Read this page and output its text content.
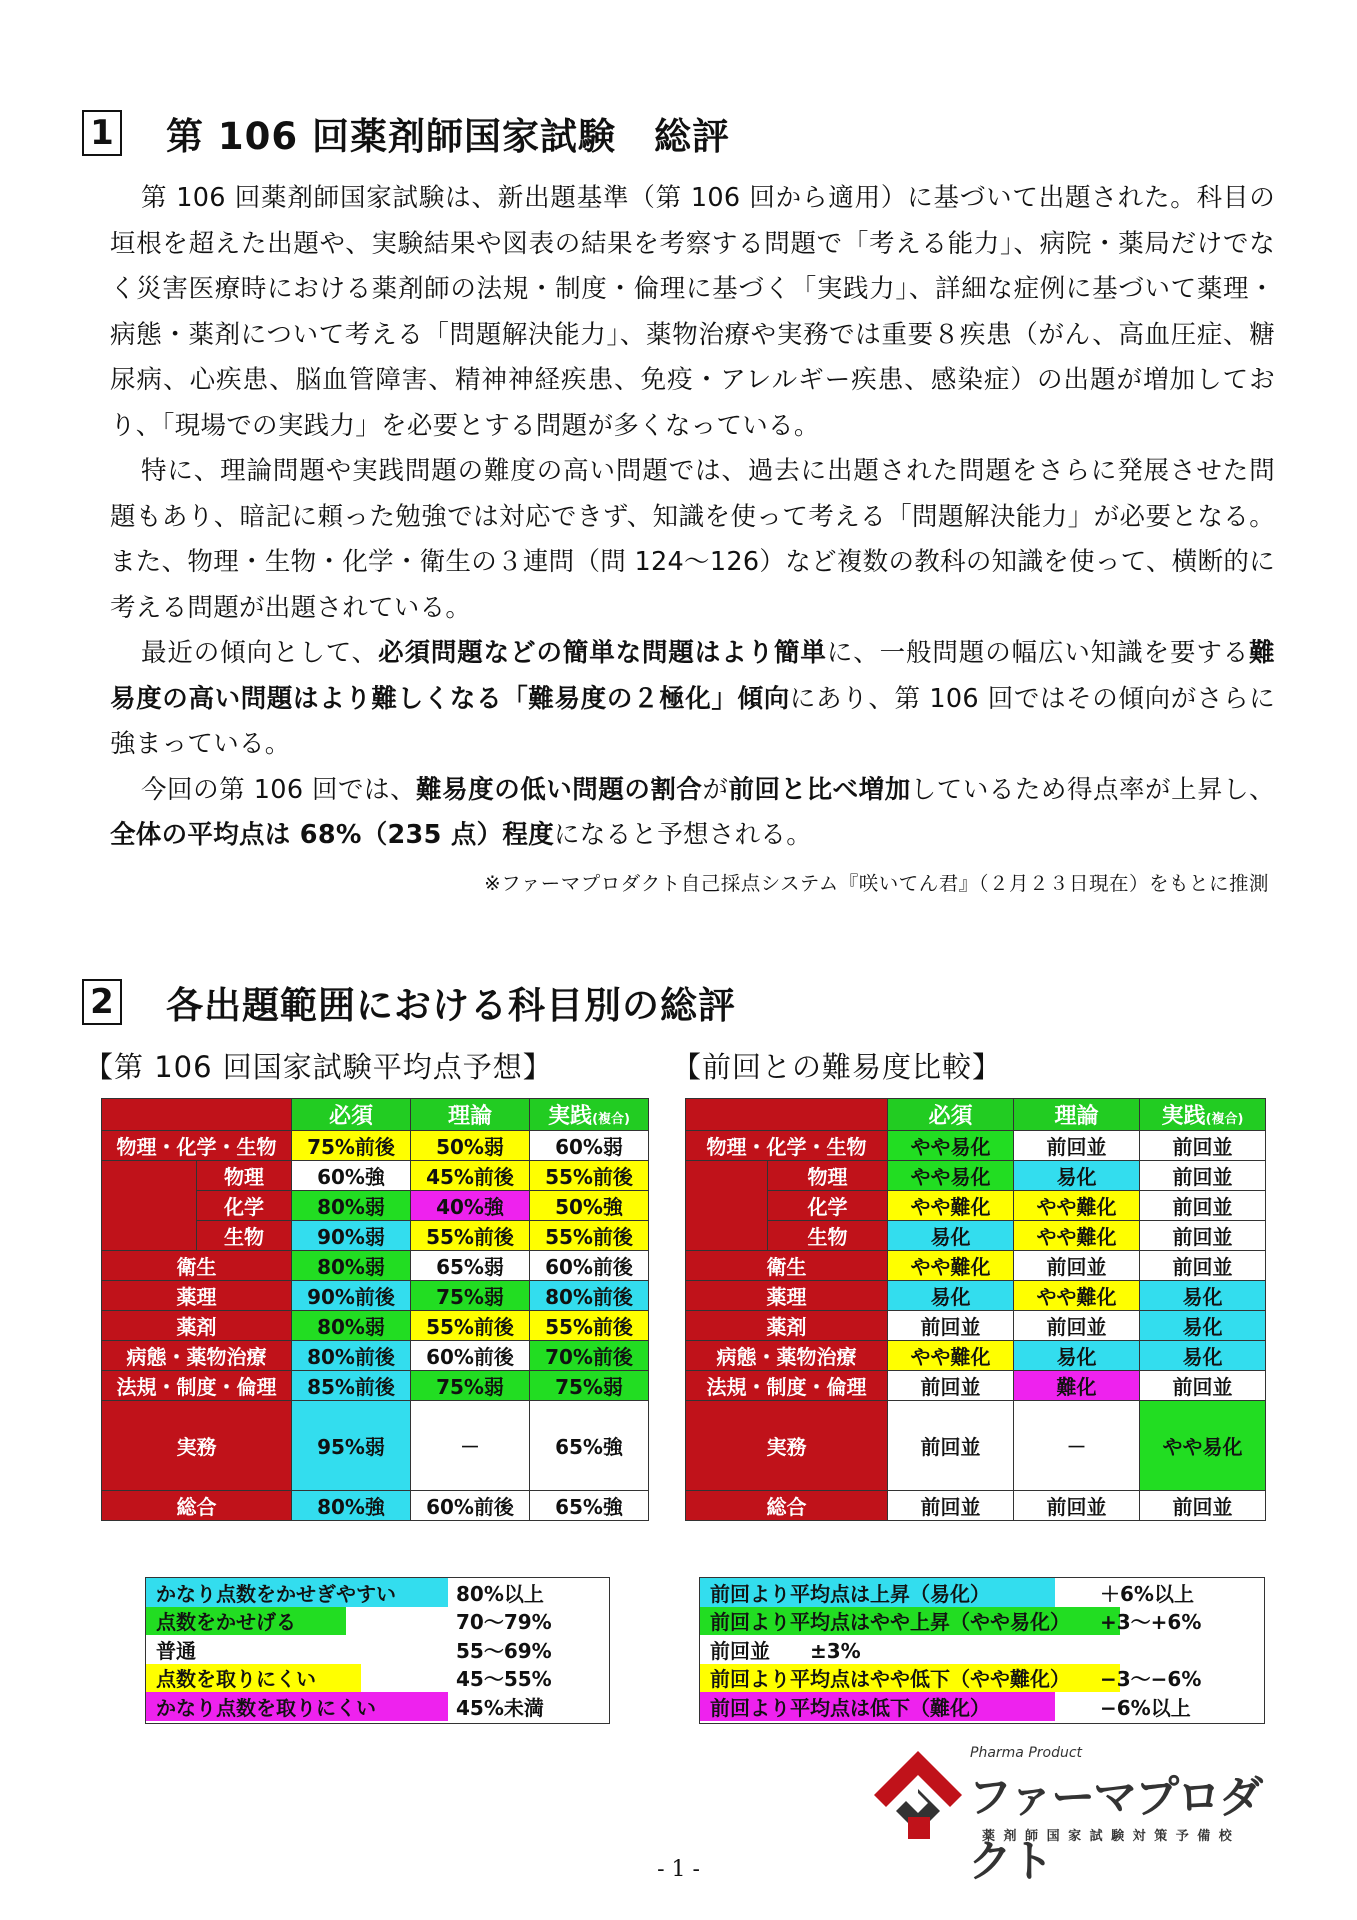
1 第 106 回薬剤師国家試験　総評

第 106 回薬剤師国家試験は、新出題基準（第 106 回から適用）に基づいて出題された。科目の垣根を超えた出題や、実験結果や図表の結果を考察する問題で「考える能力」、病院・薬局だけでなく災害医療時における薬剤師の法規・制度・倫理に基づく「実践力」、詳細な症例に基づいて薬理・病態・薬剤について考える「問題解決能力」、薬物治療や実務では重要８疾患（がん、高血圧症、糖尿病、心疾患、脳血管障害、精神神経疾患、免疫・アレルギー疾患、感染症）の出題が増加しており、「現場での実践力」を必要とする問題が多くなっている。

特に、理論問題や実践問題の難度の高い問題では、過去に出題された問題をさらに発展させた問題もあり、暗記に頼った勉強では対応できず、知識を使って考える「問題解決能力」が必要となる。また、物理・生物・化学・衛生の３連問（問 124～126）など複数の教科の知識を使って、横断的に考える問題が出題されている。

最近の傾向として、必須問題などの簡単な問題はより簡単に、一般問題の幅広い知識を要する難易度の高い問題はより難しくなる「難易度の２極化」傾向にあり、第 106 回ではその傾向がさらに強まっている。

今回の第 106 回では、難易度の低い問題の割合が前回と比べ増加しているため得点率が上昇し、全体の平均点は 68%（235 点）程度になると予想される。

※ファーマプロダクト自己採点システム『咲いてん君』（２月２３日現在）をもとに推測
2 各出題範囲における科目別の総評
【第 106 回国家試験平均点予想】	【前回との難易度比較】
		必須	理論	実践(複合)
物理・化学・生物		75%前後	50%弱	60%弱
	物理	60%強	45%前後	55%前後
	化学	80%弱	40%強	50%強
	生物	90%弱	55%前後	55%前後
衛生		80%弱	65%弱	60%前後
薬理		90%前後	75%弱	80%前後
薬剤		80%弱	55%前後	55%前後
病態・薬物治療		80%前後	60%前後	70%前後
法規・制度・倫理		85%前後	75%弱	75%弱
実務		95%弱	－	65%強
総合		80%強	60%前後	65%強
		必須	理論	実践(複合)
物理・化学・生物		やや易化	前回並	前回並
	物理	やや易化	易化	前回並
	化学	やや難化	やや難化	前回並
	生物	易化	やや難化	前回並
衛生		やや難化	前回並	前回並
薬理		易化	やや難化	易化
薬剤		前回並	前回並	易化
病態・薬物治療		やや難化	易化	易化
法規・制度・倫理		前回並	難化	前回並
実務		前回並	－	やや易化
総合		前回並	前回並	前回並
かなり点数をかせぎやすい	80%以上
点数をかせげる	70～79%
普通	55～69%
点数を取りにくい	45～55%
かなり点数を取りにくい	45%未満
前回より平均点は上昇（易化）	＋6%以上
前回より平均点はやや上昇（やや易化）	+3～+6%
前回並　　±3%
前回より平均点はやや低下（やや難化）	−3～−6%
前回より平均点は低下（難化）	−6%以上
Pharma Product
ファーマプロダクト
薬 剤 師 国 家 試 験 対 策 予 備 校
- 1 -
